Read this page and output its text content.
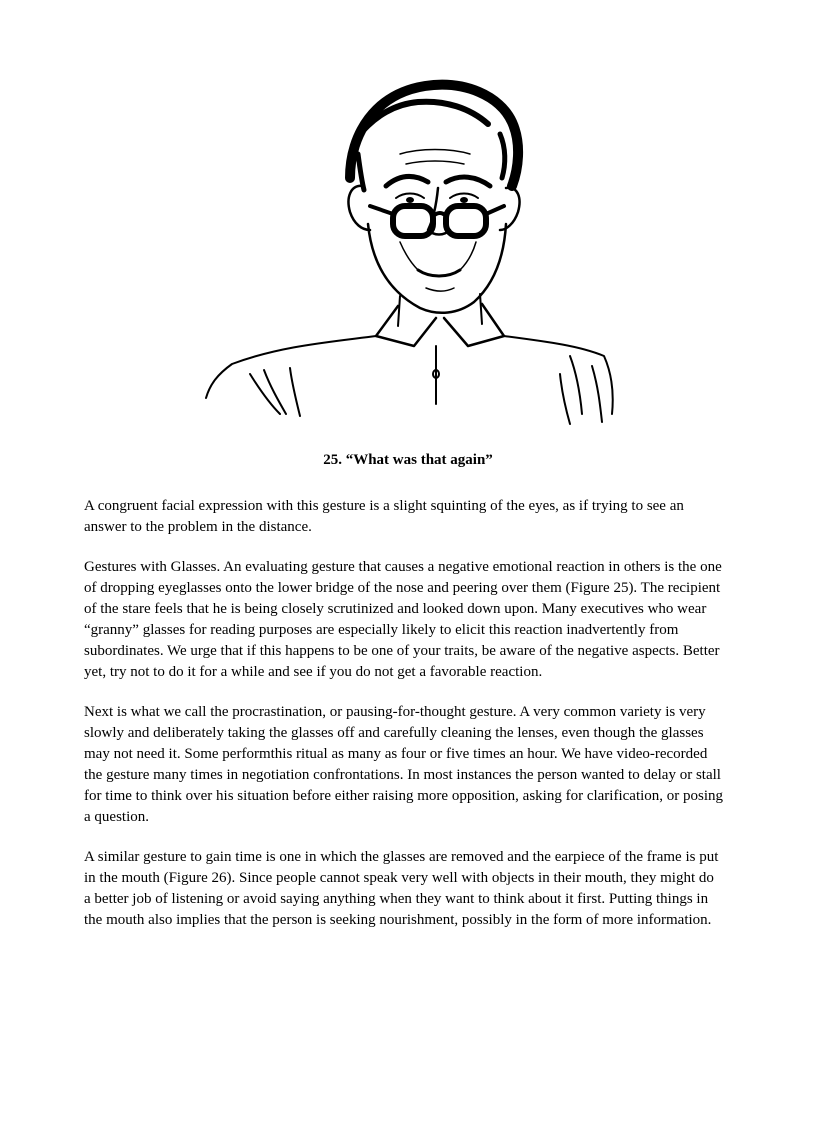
25. “What was that again”

A congruent facial expression with this gesture is a slight squinting of the eyes, as if trying to see an answer to the problem in the distance.

Gestures with Glasses. An evaluating gesture that causes a negative emotional reaction in others is the one of dropping eyeglasses onto the lower bridge of the nose and peering over them (Figure 25). The recipient of the stare feels that he is being closely scrutinized and looked down upon. Many executives who wear “granny” glasses for reading purposes are especially likely to elicit this reaction inadvertently from subordinates. We urge that if this happens to be one of your traits, be aware of the negative aspects. Better yet, try not to do it for a while and see if you do not get a favorable reaction.

Next is what we call the procrastination, or pausing-for-thought gesture. A very common variety is very slowly and deliberately taking the glasses off and carefully cleaning the lenses, even though the glasses may not need it. Some performthis ritual as many as four or five times an hour. We have video-recorded the gesture many times in negotiation confrontations. In most instances the person wanted to delay or stall for time to think over his situation before either raising more opposition, asking for clarification, or posing a question.

A similar gesture to gain time is one in which the glasses are removed and the earpiece of the frame is put in the mouth (Figure 26). Since people cannot speak very well with objects in their mouth, they might do a better job of listening or avoid saying anything when they want to think about it first. Putting things in the mouth also implies that the person is seeking nourishment, possibly in the form of more information.
